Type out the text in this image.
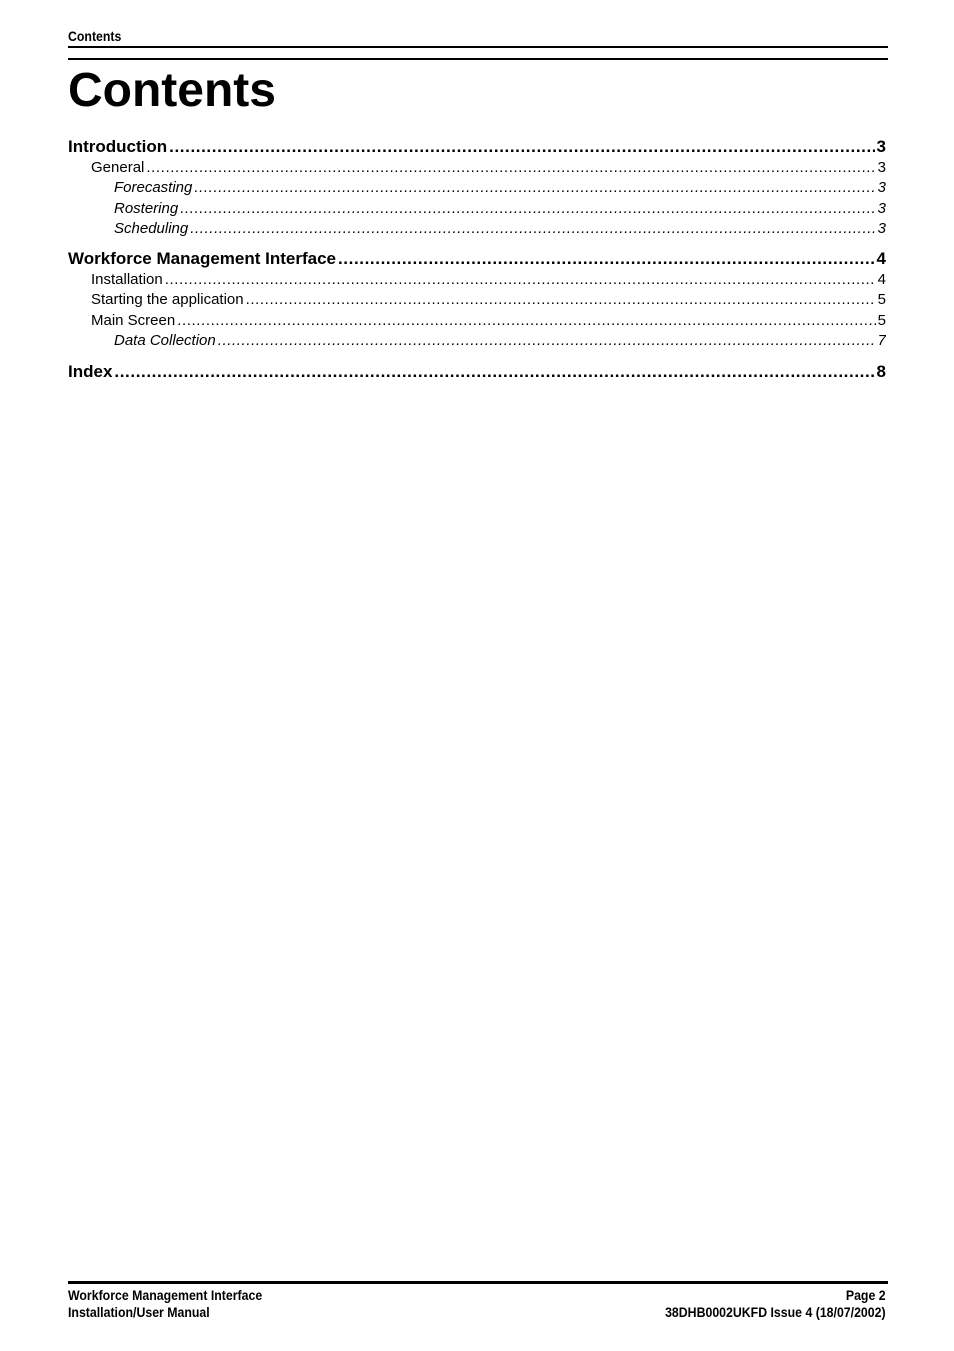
Contents
Contents
Introduction .....	3
General .....	3
Forecasting .....	3
Rostering .....	3
Scheduling .....	3
Workforce Management Interface .....	4
Installation .....	4
Starting the application .....	5
Main Screen .....	5
Data Collection .....	7
Index .....	8
Workforce Management Interface
Installation/User Manual
Page 2
38DHB0002UKFD Issue 4 (18/07/2002)
